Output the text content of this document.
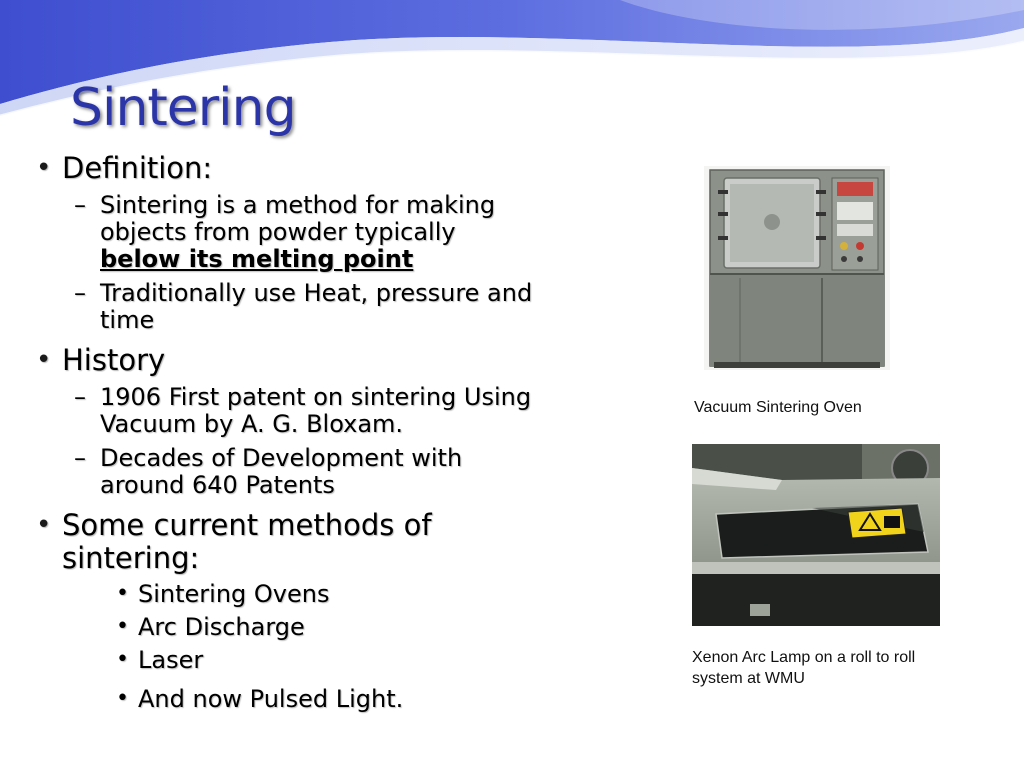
Sintering
• Definition:
– Sintering is a method for making objects from powder typically below its melting point
– Traditionally use Heat, pressure and time
• History
– 1906 First patent on sintering Using Vacuum by A. G. Bloxam.
– Decades of Development with around 640 Patents
• Some current methods of sintering:
• Sintering Ovens
• Arc Discharge
• Laser
• And now Pulsed Light.
Vacuum Sintering Oven
Xenon Arc Lamp on a roll to roll system at WMU
